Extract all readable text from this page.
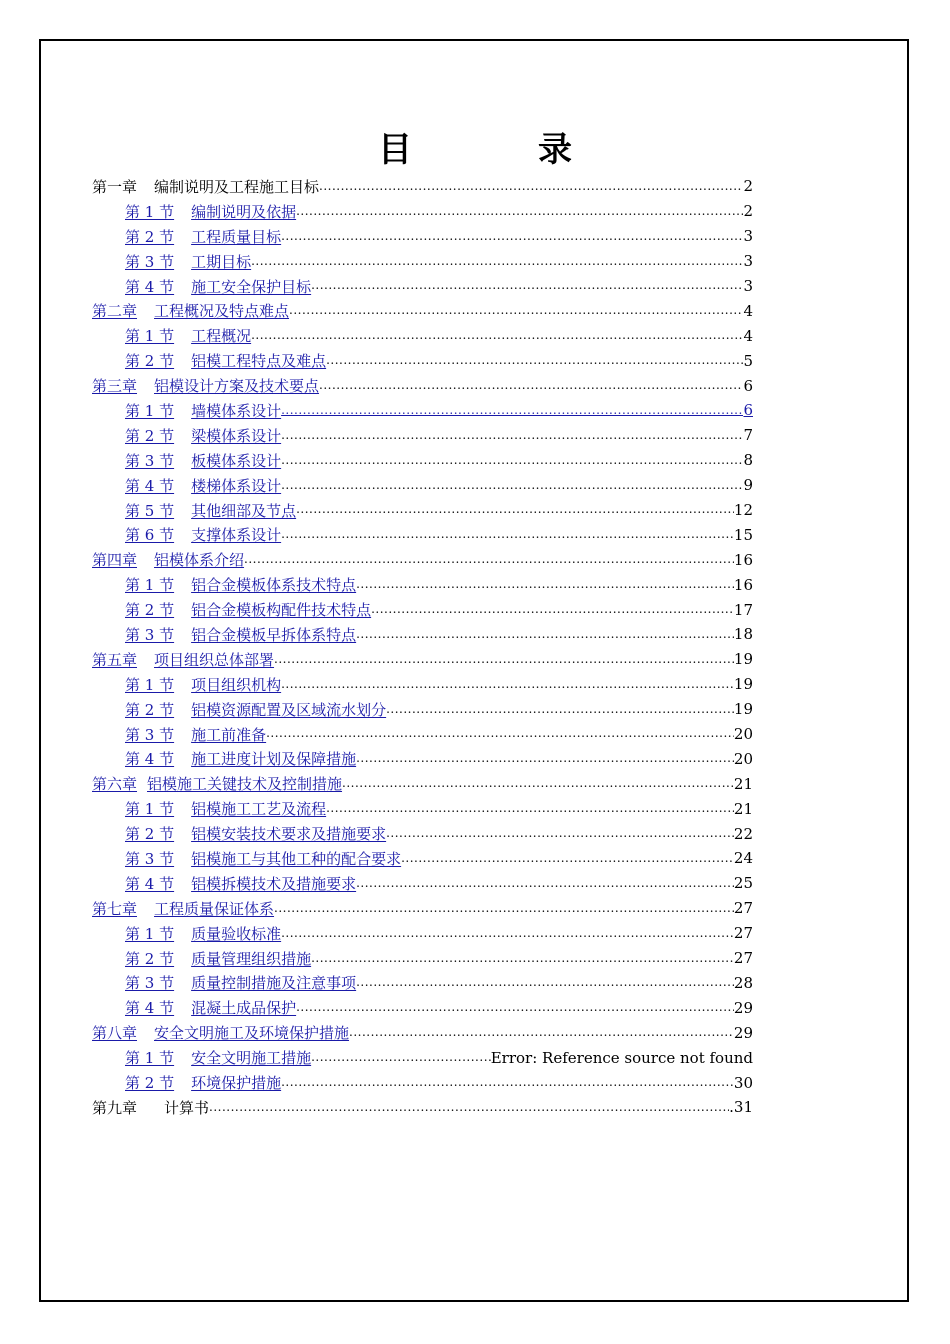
目　录
第一章 编制说明及工程施工目标 .....	2
第 1 节 编制说明及依据 .....	2
第 2 节 工程质量目标 .....	3
第 3 节 工期目标 .....	3
第 4 节 施工安全保护目标 .....	3
第二章 工程概况及特点难点 .....	4
第 1 节 工程概况 .....	4
第 2 节 铝模工程特点及难点 .....	5
第三章 铝模设计方案及技术要点 .....	6
第 1 节 墙模体系设计 .....	6
第 2 节 梁模体系设计 .....	7
第 3 节 板模体系设计 .....	8
第 4 节 楼梯体系设计 .....	9
第 5 节 其他细部及节点 .....	12
第 6 节 支撑体系设计 .....	15
第四章 铝模体系介绍 .....	16
第 1 节 铝合金模板体系技术特点 .....	16
第 2 节 铝合金模板构配件技术特点 .....	17
第 3 节 铝合金模板早拆体系特点 .....	18
第五章 项目组织总体部署 .....	19
第 1 节 项目组织机构 .....	19
第 2 节 铝模资源配置及区域流水划分 .....	19
第 3 节 施工前准备 .....	20
第 4 节 施工进度计划及保障措施 .....	20
第六章 铝模施工关键技术及控制措施 .....	21
第 1 节 铝模施工工艺及流程 .....	21
第 2 节 铝模安装技术要求及措施要求 .....	22
第 3 节 铝模施工与其他工种的配合要求 .....	24
第 4 节 铝模拆模技术及措施要求 .....	25
第七章 工程质量保证体系 .....	27
第 1 节 质量验收标准 .....	27
第 2 节 质量管理组织措施 .....	27
第 3 节 质量控制措施及注意事项 .....	28
第 4 节 混凝土成品保护 .....	29
第八章 安全文明施工及环境保护措施 .....	29
第 1 节 安全文明施工措施 .....	Error: Reference source not found
第 2 节 环境保护措施 .....	30
第九章 计算书 .....	.31
